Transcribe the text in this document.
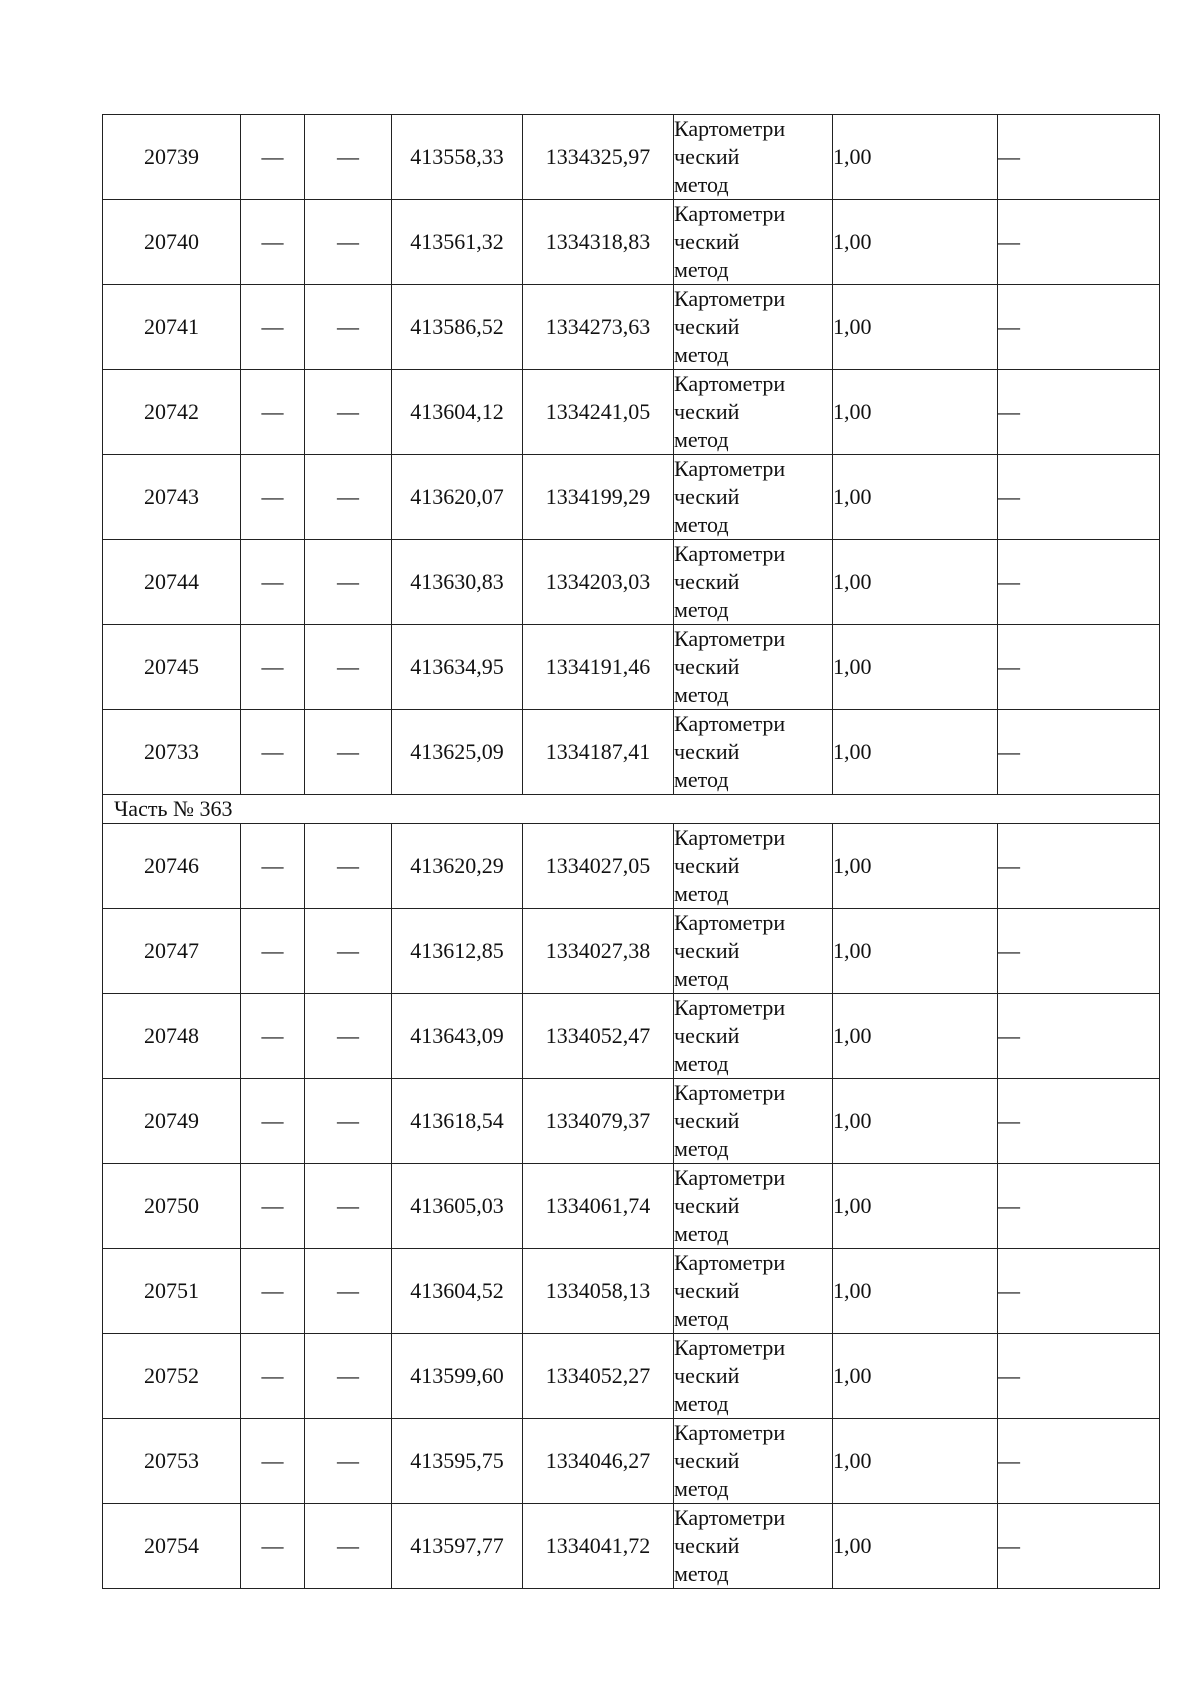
20739	—	—	413558,33	1334325,97	Картометри
ческий
метод	1,00	—
20740	—	—	413561,32	1334318,83	Картометри
ческий
метод	1,00	—
20741	—	—	413586,52	1334273,63	Картометри
ческий
метод	1,00	—
20742	—	—	413604,12	1334241,05	Картометри
ческий
метод	1,00	—
20743	—	—	413620,07	1334199,29	Картометри
ческий
метод	1,00	—
20744	—	—	413630,83	1334203,03	Картометри
ческий
метод	1,00	—
20745	—	—	413634,95	1334191,46	Картометри
ческий
метод	1,00	—
20733	—	—	413625,09	1334187,41	Картометри
ческий
метод	1,00	—
Часть № 363							
20746	—	—	413620,29	1334027,05	Картометри
ческий
метод	1,00	—
20747	—	—	413612,85	1334027,38	Картометри
ческий
метод	1,00	—
20748	—	—	413643,09	1334052,47	Картометри
ческий
метод	1,00	—
20749	—	—	413618,54	1334079,37	Картометри
ческий
метод	1,00	—
20750	—	—	413605,03	1334061,74	Картометри
ческий
метод	1,00	—
20751	—	—	413604,52	1334058,13	Картометри
ческий
метод	1,00	—
20752	—	—	413599,60	1334052,27	Картометри
ческий
метод	1,00	—
20753	—	—	413595,75	1334046,27	Картометри
ческий
метод	1,00	—
20754	—	—	413597,77	1334041,72	Картометри
ческий
метод	1,00	—
